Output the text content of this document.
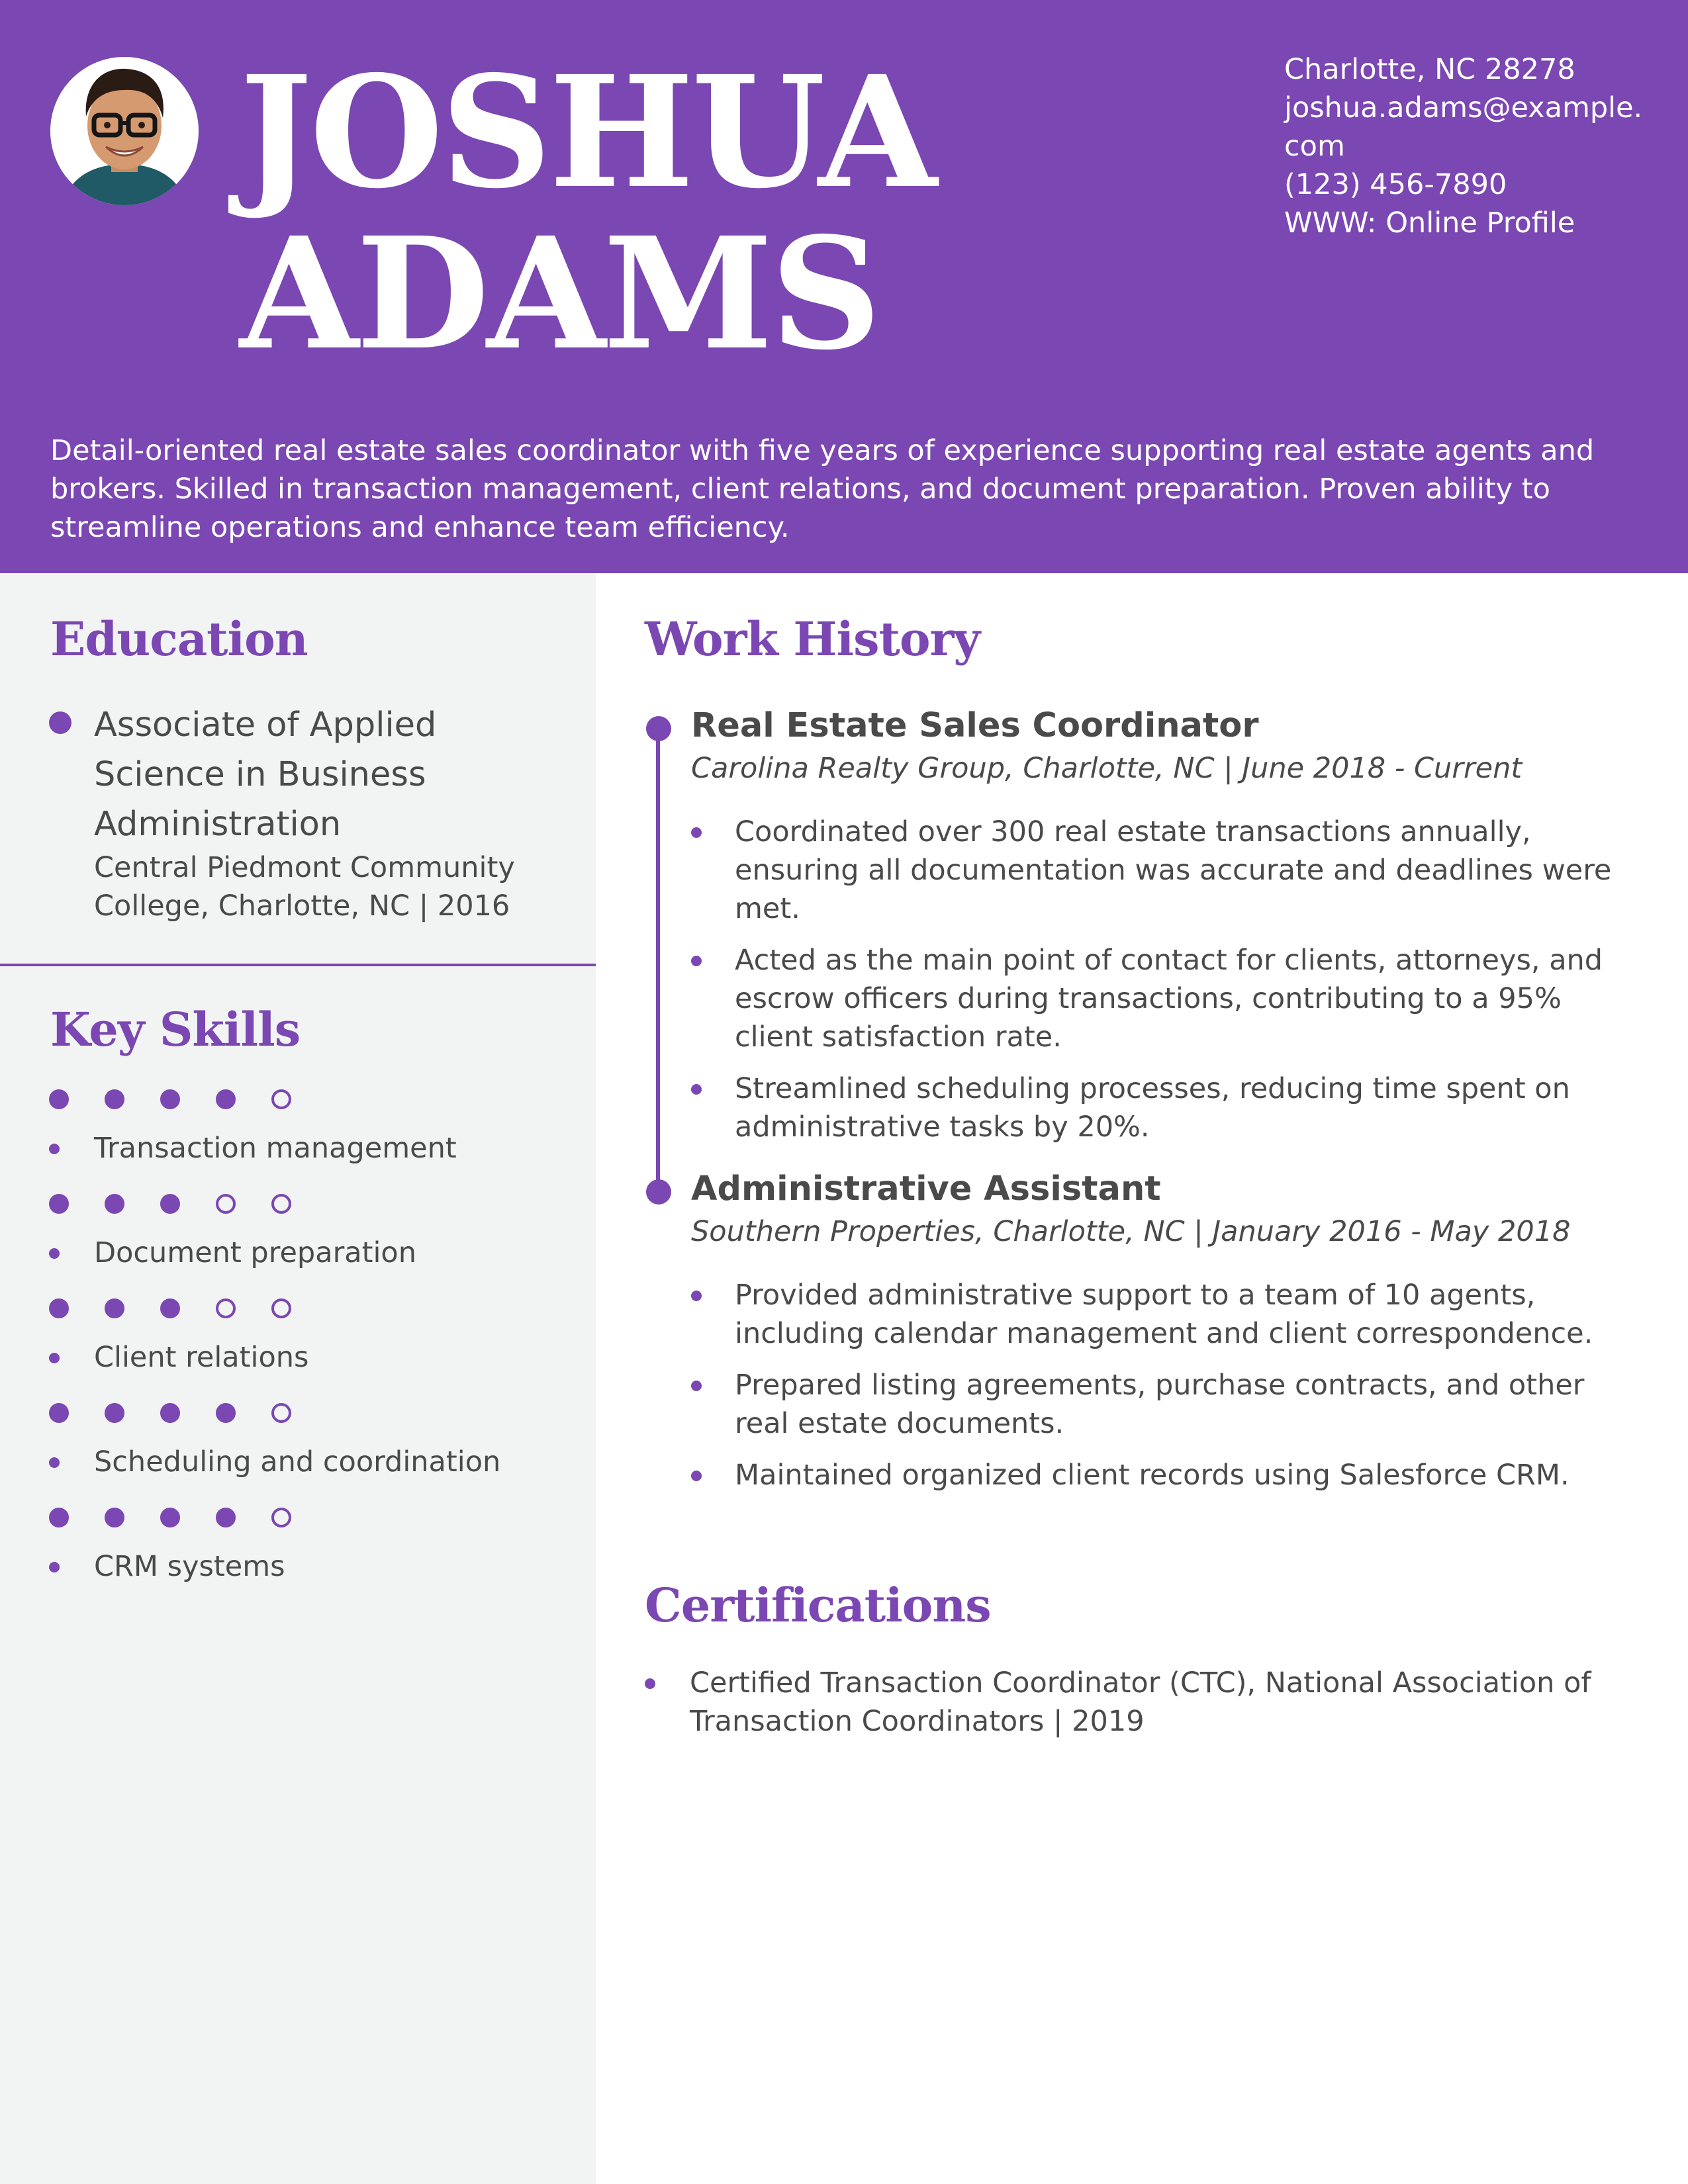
JOSHUA
ADAMS
Charlotte, NC 28278
joshua.adams@example.com
(123) 456-7890
WWW: Online Profile
Detail-oriented real estate sales coordinator with five years of experience supporting real estate agents and brokers. Skilled in transaction management, client relations, and document preparation. Proven ability to streamline operations and enhance team efficiency.
Education
Associate of Applied Science in Business Administration
Central Piedmont Community College, Charlotte, NC | 2016
Key Skills
Transaction management
Document preparation
Client relations
Scheduling and coordination
CRM systems
Work History
Real Estate Sales Coordinator
Carolina Realty Group, Charlotte, NC | June 2018 - Current
Coordinated over 300 real estate transactions annually, ensuring all documentation was accurate and deadlines were met.
Acted as the main point of contact for clients, attorneys, and escrow officers during transactions, contributing to a 95% client satisfaction rate.
Streamlined scheduling processes, reducing time spent on administrative tasks by 20%.
Administrative Assistant
Southern Properties, Charlotte, NC | January 2016 - May 2018
Provided administrative support to a team of 10 agents, including calendar management and client correspondence.
Prepared listing agreements, purchase contracts, and other real estate documents.
Maintained organized client records using Salesforce CRM.
Certifications
Certified Transaction Coordinator (CTC), National Association of Transaction Coordinators | 2019
